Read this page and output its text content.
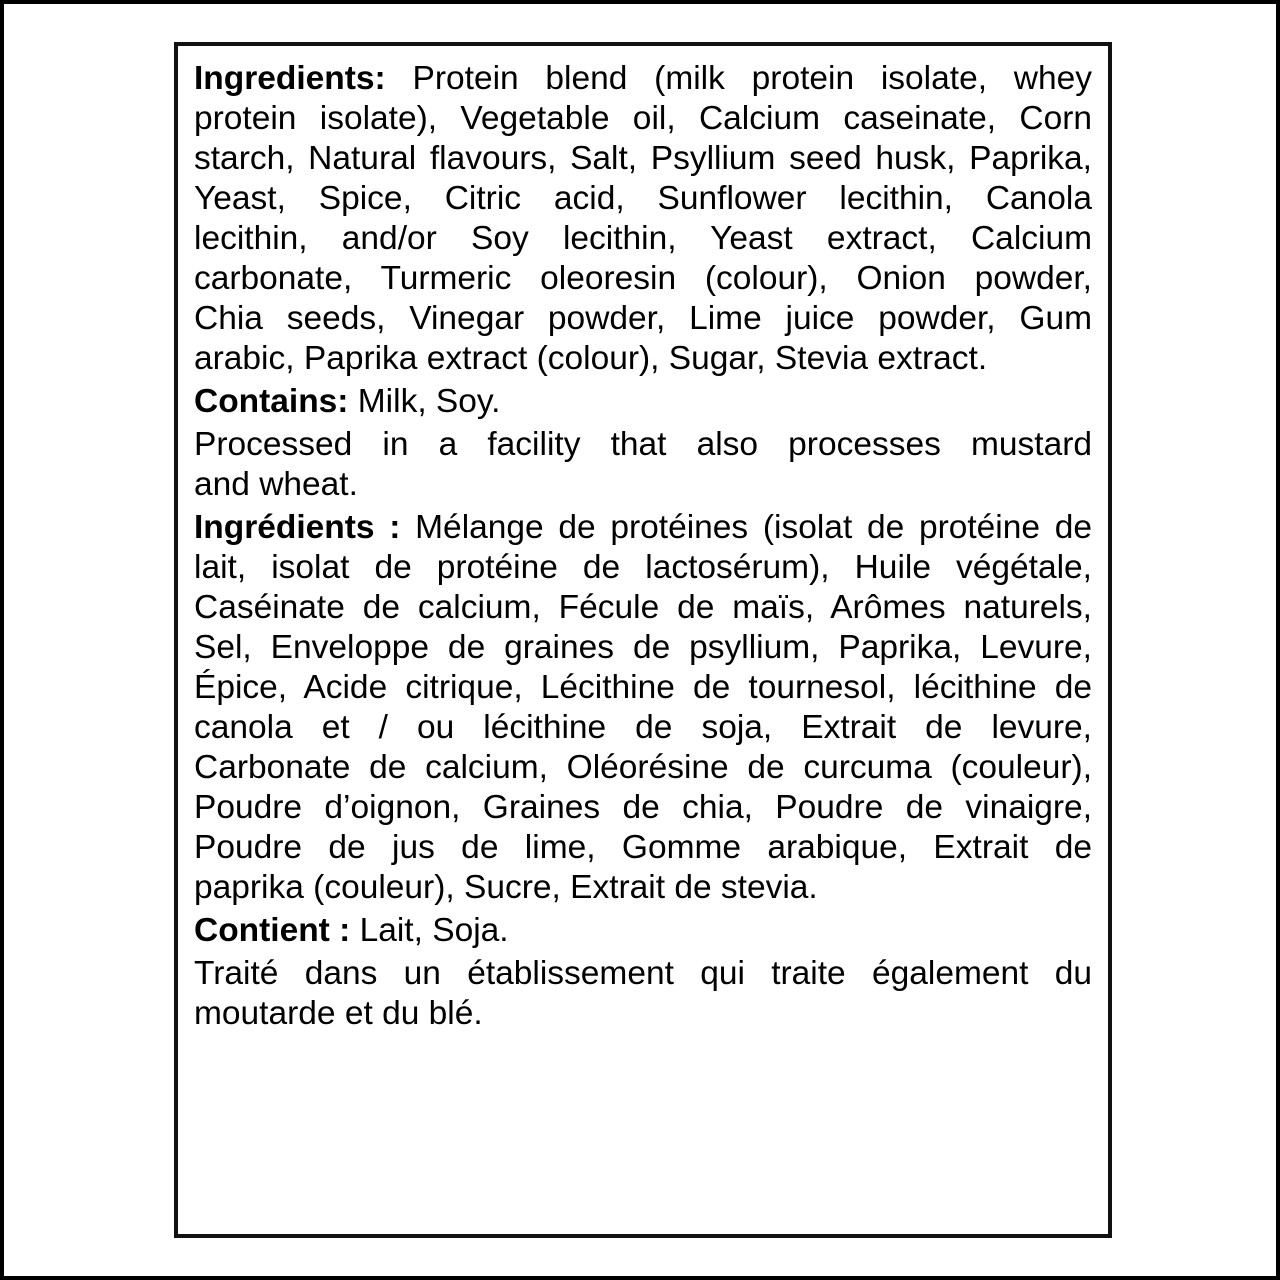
Ingredients: Protein blend (milk protein isolate, whey
protein isolate), Vegetable oil, Calcium caseinate, Corn
starch, Natural flavours, Salt, Psyllium seed husk, Paprika,
Yeast, Spice, Citric acid, Sunflower lecithin, Canola
lecithin, and/or Soy lecithin, Yeast extract, Calcium
carbonate, Turmeric oleoresin (colour), Onion powder,
Chia seeds, Vinegar powder, Lime juice powder, Gum
arabic, Paprika extract (colour), Sugar, Stevia extract.

Contains: Milk, Soy.

Processed in a facility that also processes mustard
and wheat.

Ingrédients : Mélange de protéines (isolat de protéine de
lait, isolat de protéine de lactosérum), Huile végétale,
Caséinate de calcium, Fécule de maïs, Arômes naturels,
Sel, Enveloppe de graines de psyllium, Paprika, Levure,
Épice, Acide citrique, Lécithine de tournesol, lécithine de
canola et / ou lécithine de soja, Extrait de levure,
Carbonate de calcium, Oléorésine de curcuma (couleur),
Poudre d’oignon, Graines de chia, Poudre de vinaigre,
Poudre de jus de lime, Gomme arabique, Extrait de
paprika (couleur), Sucre, Extrait de stevia.

Contient : Lait, Soja.

Traité dans un établissement qui traite également du
moutarde et du blé.
